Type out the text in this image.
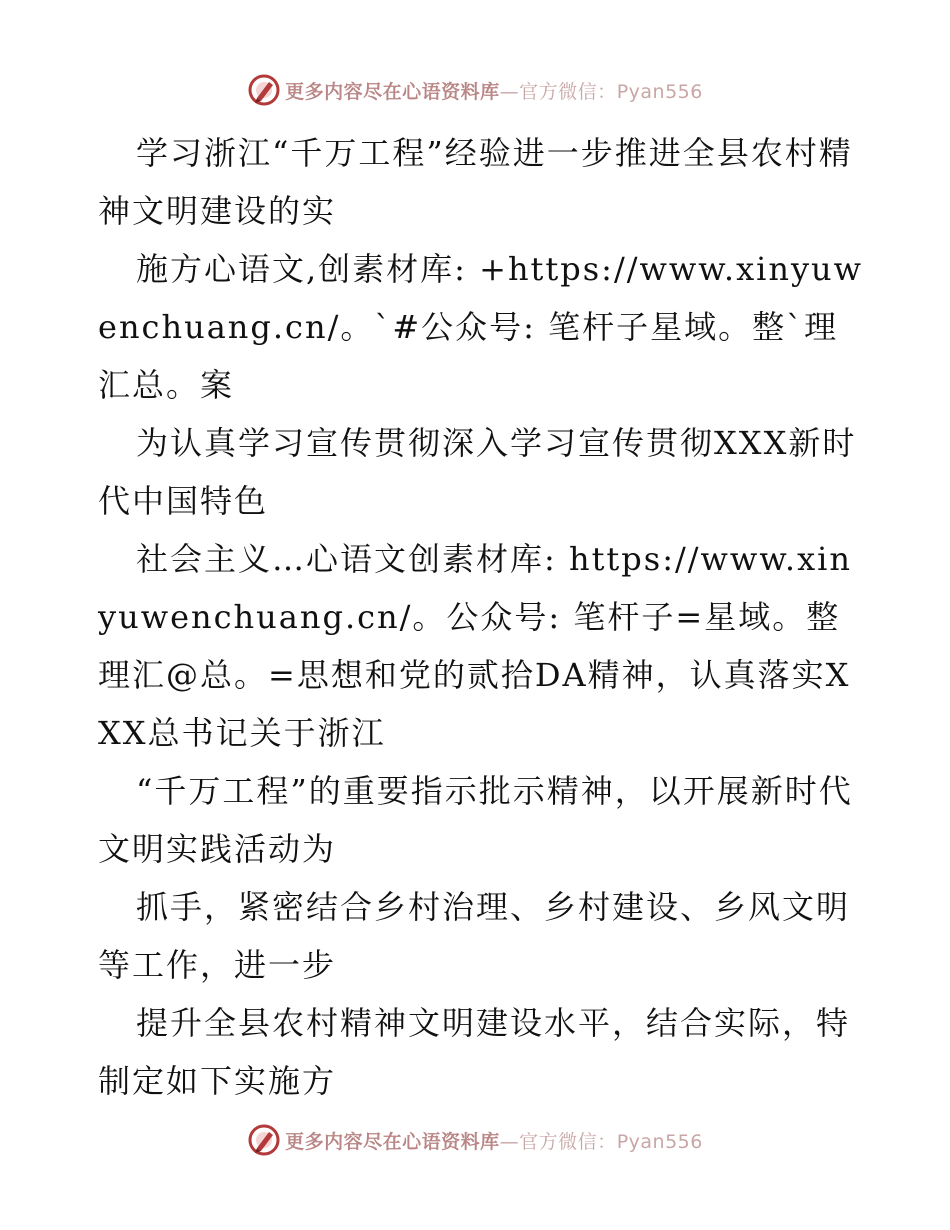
更多内容尽在心语资料库—官方微信：Pyan556

学习浙江“千万工程”经验进一步推进全县农村精神文明建设的实

施方心语文,创素材库: +https://www.xinyuwenchuang.cn/。`#公众号: 笔杆子星域。整`理汇总。案

为认真学习宣传贯彻深入学习宣传贯彻XXX新时代中国特色

社会主义…心语文创素材库: https://www.xinyuwenchuang.cn/。公众号: 笔杆子=星域。整理汇@总。=思想和党的贰拾DA精神，认真落实XXX总书记关于浙江

“千万工程”的重要指示批示精神，以开展新时代文明实践活动为

抓手，紧密结合乡村治理、乡村建设、乡风文明等工作，进一步

提升全县农村精神文明建设水平，结合实际，特制定如下实施方

更多内容尽在心语资料库—官方微信：Pyan556
